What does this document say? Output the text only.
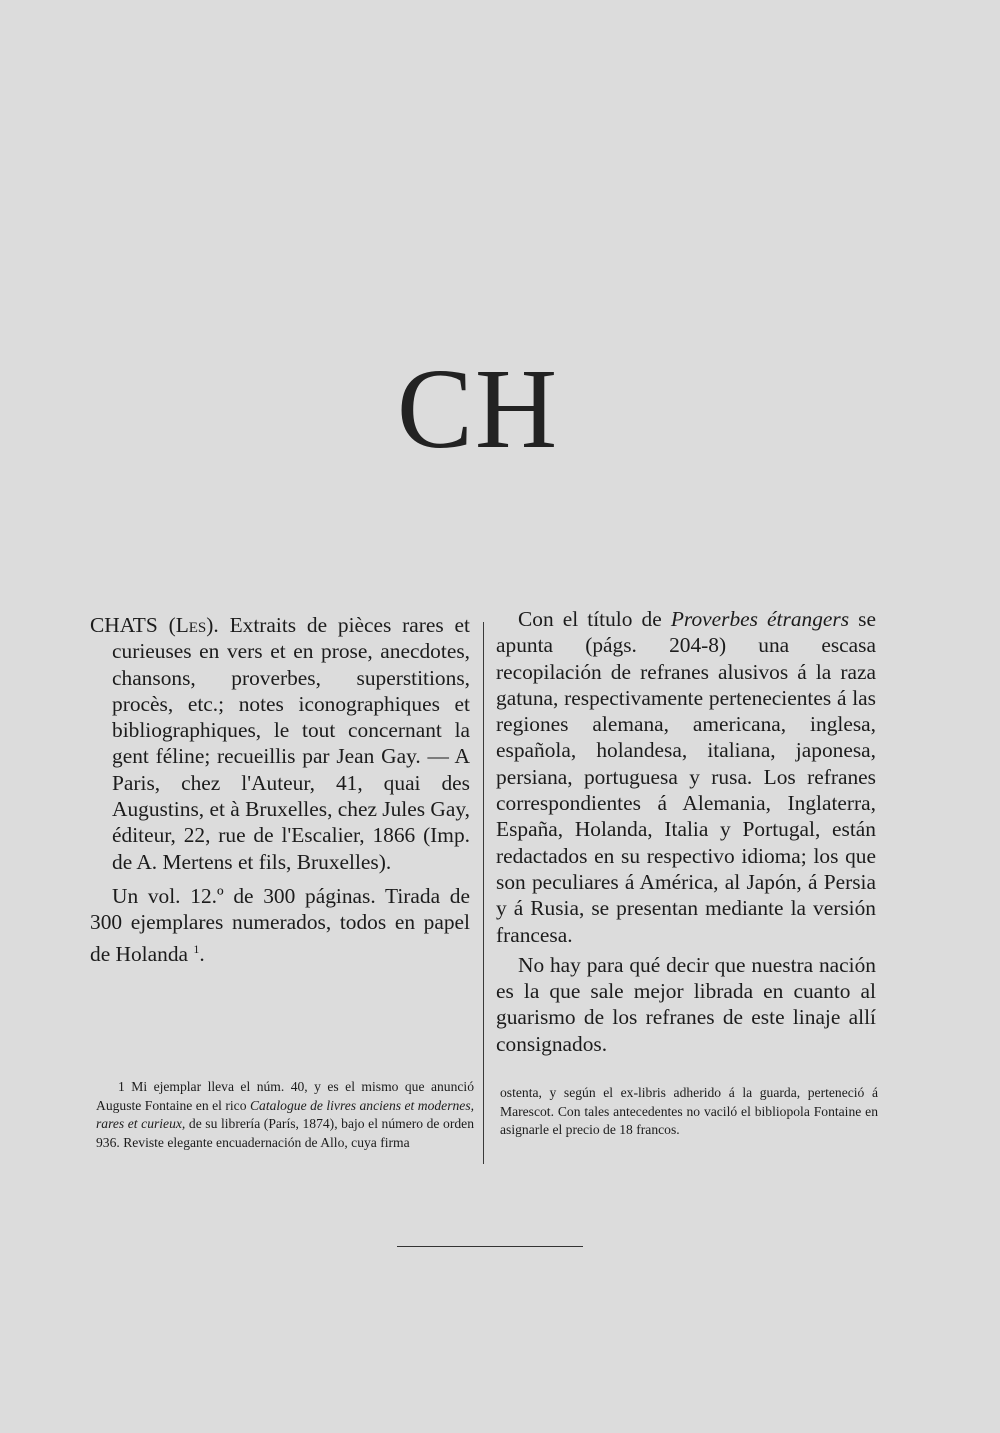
CH

CHATS (Les). Extraits de pièces rares et curieuses en vers et en prose, anecdotes, chansons, proverbes, superstitions, procès, etc.; notes iconographiques et bibliographiques, le tout concernant la gent féline; recueillis par Jean Gay. — A Paris, chez l'Auteur, 41, quai des Augustins, et à Bruxelles, chez Jules Gay, éditeur, 22, rue de l'Escalier, 1866 (Imp. de A. Mertens et fils, Bruxelles).

Un vol. 12.º de 300 páginas. Tirada de 300 ejemplares numerados, todos en papel de Holanda $^1$.

Con el título de Proverbes étrangers se apunta (págs. 204-8) una escasa recopilación de refranes alusivos á la raza gatuna, respectivamente pertenecientes á las regiones alemana, americana, inglesa, española, holandesa, italiana, japonesa, persiana, portuguesa y rusa. Los refranes correspondientes á Alemania, Inglaterra, España, Holanda, Italia y Portugal, están redactados en su respectivo idioma; los que son peculiares á América, al Japón, á Persia y á Rusia, se presentan mediante la versión francesa.

No hay para qué decir que nuestra nación es la que sale mejor librada en cuanto al guarismo de los refranes de este linaje allí consignados.

1 Mi ejemplar lleva el núm. 40, y es el mismo que anunció Auguste Fontaine en el rico Catalogue de livres anciens et modernes, rares et curieux, de su librería (París, 1874), bajo el número de orden 936. Reviste elegante encuadernación de Allo, cuya firma

ostenta, y según el ex-libris adherido á la guarda, perteneció á Marescot. Con tales antecedentes no vaciló el bibliopola Fontaine en asignarle el precio de 18 francos.
